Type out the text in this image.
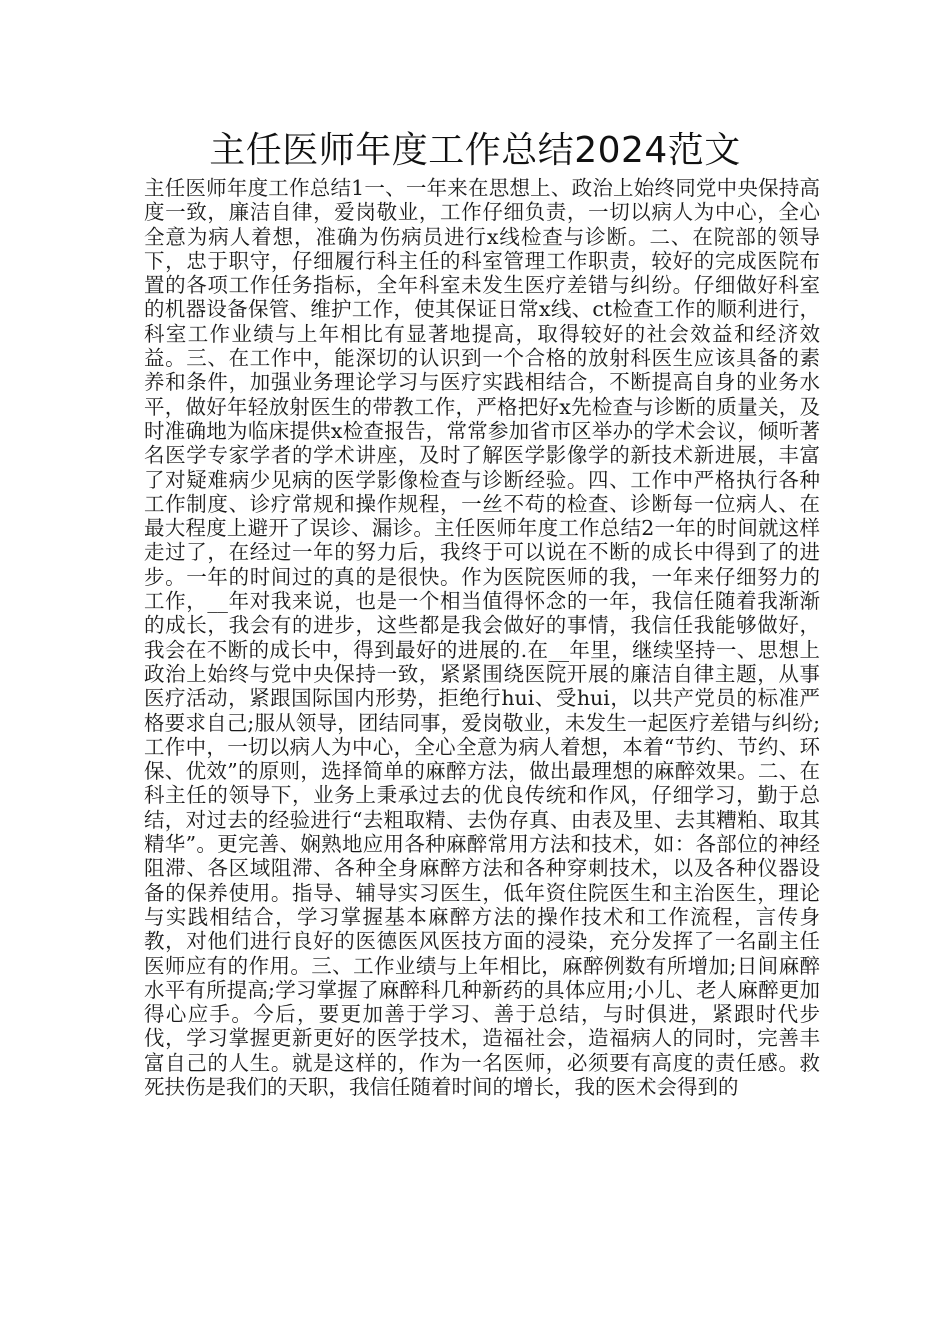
主任医师年度工作总结2024范文

主任医师年度工作总结1一、一年来在思想上、政治上始终同党中央保持高度一致，廉洁自律，爱岗敬业，工作仔细负责，一切以病人为中心，全心全意为病人着想，准确为伤病员进行x线检查与诊断。二、在院部的领导下，忠于职守，仔细履行科主任的科室管理工作职责，较好的完成医院布置的各项工作任务指标，全年科室未发生医疗差错与纠纷。仔细做好科室的机器设备保管、维护工作，使其保证日常x线、ct检查工作的顺利进行，科室工作业绩与上年相比有显著地提高，取得较好的社会效益和经济效益。三、在工作中，能深切的认识到一个合格的放射科医生应该具备的素养和条件，加强业务理论学习与医疗实践相结合，不断提高自身的业务水平，做好年轻放射医生的带教工作，严格把好x先检查与诊断的质量关，及时准确地为临床提供x检查报告，常常参加省市区举办的学术会议，倾听著名医学专家学者的学术讲座，及时了解医学影像学的新技术新进展，丰富了对疑难病少见病的医学影像检查与诊断经验。四、工作中严格执行各种工作制度、诊疗常规和操作规程，一丝不苟的检查、诊断每一位病人、在最大程度上避开了误诊、漏诊。主任医师年度工作总结2一年的时间就这样走过了，在经过一年的努力后，我终于可以说在不断的成长中得到了的进步。一年的时间过的真的是很快。作为医院医师的我，一年来仔细努力的工作，__年对我来说，也是一个相当值得怀念的一年，我信任随着我渐渐的成长，我会有的进步，这些都是我会做好的事情，我信任我能够做好，我会在不断的成长中，得到最好的进展的.在__年里，继续坚持一、思想上政治上始终与党中央保持一致，紧紧围绕医院开展的廉洁自律主题，从事医疗活动，紧跟国际国内形势，拒绝行hui、受hui，以共产党员的标准严格要求自己;服从领导，团结同事，爱岗敬业，未发生一起医疗差错与纠纷;工作中，一切以病人为中心，全心全意为病人着想，本着“节约、节约、环保、优效”的原则，选择简单的麻醉方法，做出最理想的麻醉效果。二、在科主任的领导下，业务上秉承过去的优良传统和作风，仔细学习，勤于总结，对过去的经验进行“去粗取精、去伪存真、由表及里、去其糟粕、取其精华”。更完善、娴熟地应用各种麻醉常用方法和技术，如：各部位的神经阻滞、各区域阻滞、各种全身麻醉方法和各种穿刺技术，以及各种仪器设备的保养使用。指导、辅导实习医生，低年资住院医生和主治医生，理论与实践相结合，学习掌握基本麻醉方法的操作技术和工作流程，言传身教，对他们进行良好的医德医风医技方面的浸染，充分发挥了一名副主任医师应有的作用。三、工作业绩与上年相比，麻醉例数有所增加;日间麻醉水平有所提高;学习掌握了麻醉科几种新药的具体应用;小儿、老人麻醉更加得心应手。今后，要更加善于学习、善于总结，与时俱进，紧跟时代步伐，学习掌握更新更好的医学技术，造福社会，造福病人的同时，完善丰富自己的人生。就是这样的，作为一名医师，必须要有高度的责任感。救死扶伤是我们的天职，我信任随着时间的增长，我的医术会得到的
